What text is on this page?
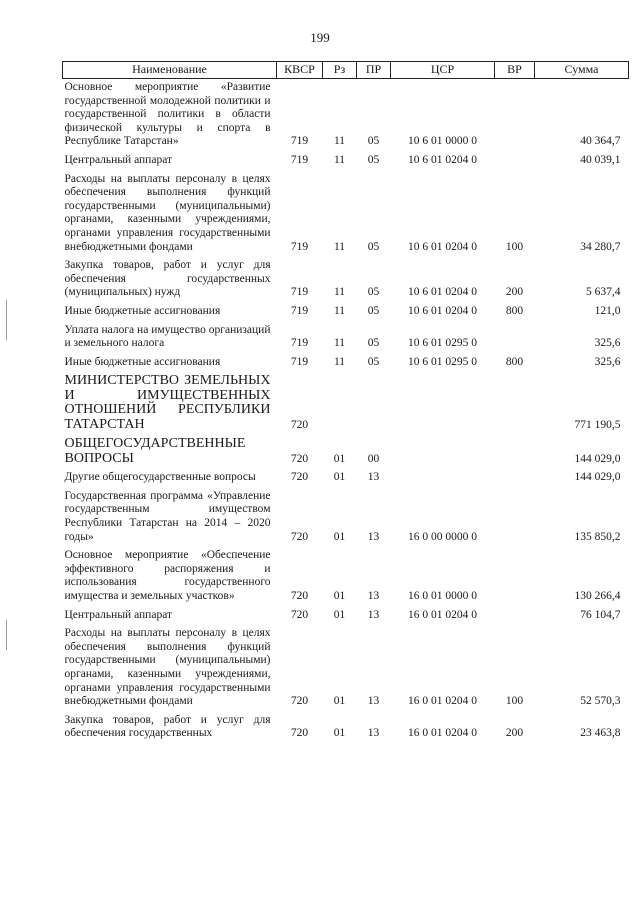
199
Наименование	КВСР	Рз	ПР	ЦСР	ВР	Сумма
Основное мероприятие «Развитие государственной молодежной политики и государственной политики в области физической культуры и спорта в Республике Татарстан»	719	11	05	10 6 01 0000 0		40 364,7
Центральный аппарат	719	11	05	10 6 01 0204 0		40 039,1
Расходы на выплаты персоналу в целях обеспечения выполнения функций государственными (муниципальными) органами, казенными учреждениями, органами управления государственными внебюджетными фондами	719	11	05	10 6 01 0204 0	100	34 280,7
Закупка товаров, работ и услуг для обеспечения государственных (муниципальных) нужд	719	11	05	10 6 01 0204 0	200	5 637,4
Иные бюджетные ассигнования	719	11	05	10 6 01 0204 0	800	121,0
Уплата налога на имущество организаций и земельного налога	719	11	05	10 6 01 0295 0		325,6
Иные бюджетные ассигнования	719	11	05	10 6 01 0295 0	800	325,6
МИНИСТЕРСТВО ЗЕМЕЛЬНЫХ И ИМУЩЕСТВЕННЫХ ОТНОШЕНИЙ РЕСПУБЛИКИ ТАТАРСТАН	720					771 190,5
ОБЩЕГОСУДАРСТВЕННЫЕ ВОПРОСЫ	720	01	00			144 029,0
Другие общегосударственные вопросы	720	01	13			144 029,0
Государственная программа «Управление государственным имуществом Республики Татарстан на 2014 – 2020 годы»	720	01	13	16 0 00 0000 0		135 850,2
Основное мероприятие «Обеспечение эффективного распоряжения и использования государственного имущества и земельных участков»	720	01	13	16 0 01 0000 0		130 266,4
Центральный аппарат	720	01	13	16 0 01 0204 0		76 104,7
Расходы на выплаты персоналу в целях обеспечения выполнения функций государственными (муниципальными) органами, казенными учреждениями, органами управления государственными внебюджетными фондами	720	01	13	16 0 01 0204 0	100	52 570,3
Закупка товаров, работ и услуг для обеспечения государственных	720	01	13	16 0 01 0204 0	200	23 463,8
